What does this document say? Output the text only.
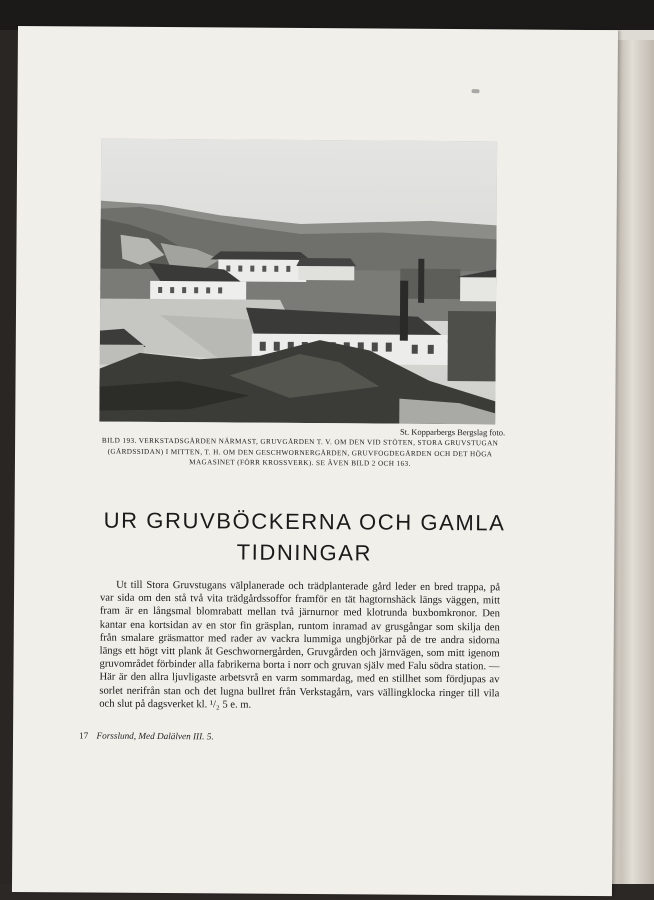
St. Kopparbergs Bergslag foto.
BILD 193. VERKSTADSGÅRDEN NÄRMAST, GRUVGÅRDEN T. V. OM DEN VID STÖTEN, STORA GRUVSTUGAN (GÅRDSSIDAN) I MITTEN, T. H. OM DEN GESCHWORNERGÅRDEN, GRUVFOGDEGÅRDEN OCH DET HÖGA MAGASINET (FÖRR KROSSVERK). SE ÄVEN BILD 2 OCH 163.
UR GRUVBÖCKERNA OCH GAMLA
TIDNINGAR
Ut till Stora Gruvstugans välplanerade och trädplanterade gård leder en bred trappa, på var sida om den stå två vita trädgårdssoffor framför en tät hagtornshäck längs väggen, mitt fram är en långsmal blomrabatt mellan två järnurnor med klotrunda buxbomkronor. Den kantar ena kortsidan av en stor fin gräsplan, runtom inramad av grusgångar som skilja den från smalare gräsmattor med rader av vackra lummiga ungbjörkar på de tre andra sidorna längs ett högt vitt plank åt Geschwornergården, Gruvgården och järnvägen, som mitt igenom gruvområdet förbinder alla fabrikerna borta i norr och gruvan själv med Falu södra station. — Här är den allra ljuvligaste arbetsvrå en varm sommardag, med en stillhet som fördjupas av sorlet nerifrån stan och det lugna bullret från Verkstagårn, vars vällingklocka ringer till vila och slut på dagsverket kl. ¹/₂ 5 e. m.
17 Forsslund, Med Dalälven III. 5.
